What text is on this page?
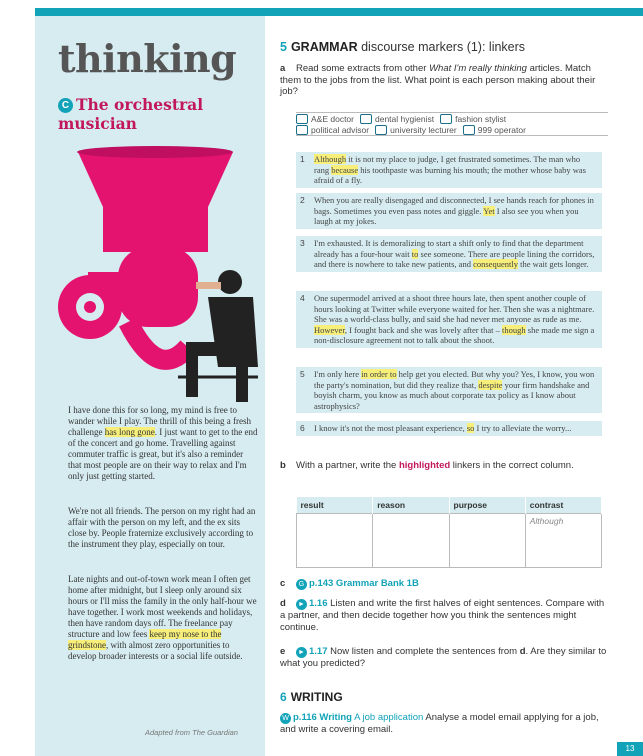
thinking
C The orchestral
musician
I have done this for so long, my mind is free to wander while I play. The thrill of this being a fresh challenge has long gone. I just want to get to the end of the concert and go home. Travelling against commuter traffic is great, but it's also a reminder that most people are on their way to relax and I'm only just getting started.
We're not all friends. The person on my right had an affair with the person on my left, and the ex sits close by. People fraternize exclusively according to the instrument they play, especially on tour.
Late nights and out-of-town work mean I often get home after midnight, but I sleep only around six hours or I'll miss the family in the only half-hour we have together. I work most weekends and holidays, then have random days off. The freelance pay structure and low fees keep my nose to the grindstone, with almost zero opportunities to develop broader interests or a social life outside.
Adapted from The Guardian
5 GRAMMAR discourse markers (1): linkers
a Read some extracts from other What I'm really thinking articles. Match them to the jobs from the list. What point is each person making about their job?
A&E doctor dental hygienist fashion stylist
political advisor university lecturer 999 operator
1 Although it is not my place to judge, I get frustrated sometimes. The man who rang because his toothpaste was burning his mouth; the mother whose baby was afraid of a fly.
2 When you are really disengaged and disconnected, I see hands reach for phones in bags. Sometimes you even pass notes and giggle. Yet I also see you when you laugh at my jokes.
3 I'm exhausted. It is demoralizing to start a shift only to find that the department already has a four-hour wait to see someone. There are people lining the corridors, and there is nowhere to take new patients, and consequently the wait gets longer.
4 One supermodel arrived at a shoot three hours late, then spent another couple of hours looking at Twitter while everyone waited for her. Then she was a nightmare. She was a world-class bully, and said she had never met anyone as rude as me. However, I fought back and she was lovely after that – though she made me sign a non-disclosure agreement not to talk about the shoot.
5 I'm only here in order to help get you elected. But why you? Yes, I know, you won the party's nomination, but did they realize that, despite your firm handshake and boyish charm, you know as much about corporate tax policy as I know about astrophysics?
6 I know it's not the most pleasant experience, so I try to alleviate the worry...
b With a partner, write the highlighted linkers in the correct column.
result	reason	purpose	contrast
			Although
c G p.143 Grammar Bank 1B
d ► 1.16 Listen and write the first halves of eight sentences. Compare with a partner, and then decide together how you think the sentences might continue.
e ► 1.17 Now listen and complete the sentences from d. Are they similar to what you predicted?
6 WRITING
W p.116 Writing A job application Analyse a model email applying for a job, and write a covering email.
13
